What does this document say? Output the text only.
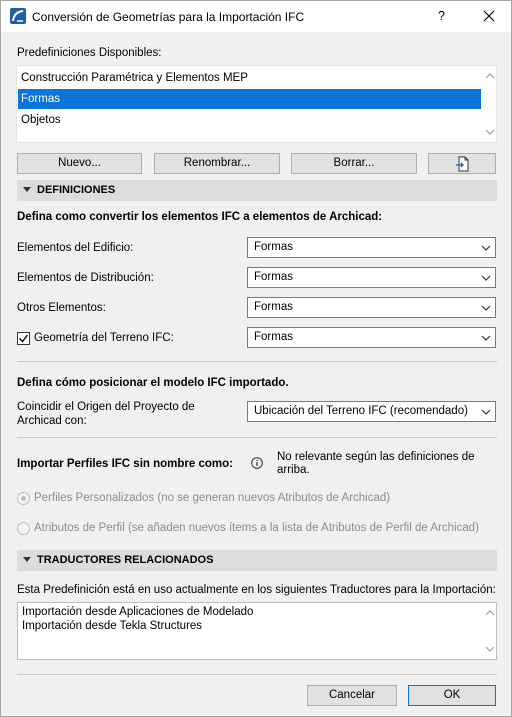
Conversión de Geometrías para la Importación IFC	?
Predefiniciones Disponibles:
Construcción Paramétrica y Elementos MEP
Formas
Objetos
Nuevo...	Renombrar...	Borrar...
DEFINICIONES
Defina como convertir los elementos IFC a elementos de Archicad:
Elementos del Edificio:	Formas
Elementos de Distribución:	Formas
Otros Elementos:	Formas
Geometría del Terreno IFC:	Formas
Defina cómo posicionar el modelo IFC importado.
Coincidir el Origen del Proyecto de
Archicad con:
Ubicación del Terreno IFC (recomendado)
Importar Perfiles IFC sin nombre como:
No relevante según las definiciones de
arriba.
Perfiles Personalizados (no se generan nuevos Atributos de Archicad)
Atributos de Perfil (se añaden nuevos ítems a la lista de Atributos de Perfil de Archicad)
TRADUCTORES RELACIONADOS
Esta Predefinición está en uso actualmente en los siguientes Traductores para la Importación:
Importación desde Aplicaciones de Modelado
Importación desde Tekla Structures
Cancelar	OK
